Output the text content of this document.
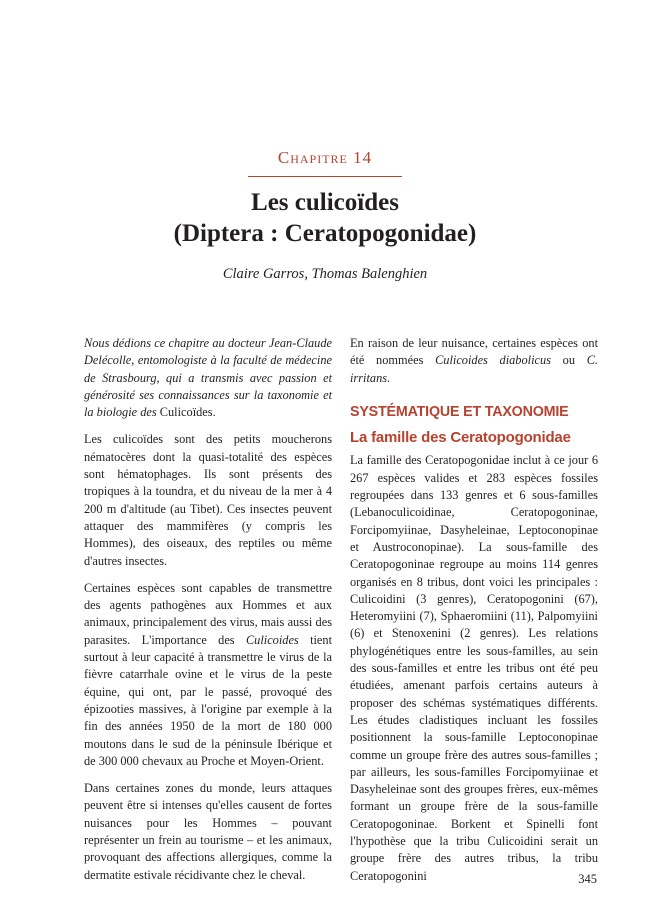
Chapitre 14
Les culicoïdes
(Diptera : Ceratopogonidae)
Claire Garros, Thomas Balenghien

Nous dédions ce chapitre au docteur Jean-Claude Delécolle, entomologiste à la faculté de médecine de Strasbourg, qui a transmis avec passion et générosité ses connaissances sur la taxonomie et la biologie des Culicoïdes.

Les culicoïdes sont des petits moucherons nématocères dont la quasi-totalité des espèces sont hématophages. Ils sont présents des tropiques à la toundra, et du niveau de la mer à 4 200 m d'altitude (au Tibet). Ces insectes peuvent attaquer des mammifères (y compris les Hommes), des oiseaux, des reptiles ou même d'autres insectes.

Certaines espèces sont capables de transmettre des agents pathogènes aux Hommes et aux animaux, principalement des virus, mais aussi des parasites. L'importance des Culicoides tient surtout à leur capacité à transmettre le virus de la fièvre catarrhale ovine et le virus de la peste équine, qui ont, par le passé, provoqué des épizooties massives, à l'origine par exemple à la fin des années 1950 de la mort de 180 000 moutons dans le sud de la péninsule Ibérique et de 300 000 chevaux au Proche et Moyen-Orient.

Dans certaines zones du monde, leurs attaques peuvent être si intenses qu'elles causent de fortes nuisances pour les Hommes – pouvant représenter un frein au tourisme – et les animaux, provoquant des affections allergiques, comme la dermatite estivale récidivante chez le cheval.

En raison de leur nuisance, certaines espèces ont été nommées Culicoides diabolicus ou C. irritans.

SYSTÉMATIQUE ET TAXONOMIE
La famille des Ceratopogonidae

La famille des Ceratopogonidae inclut à ce jour 6 267 espèces valides et 283 espèces fossiles regroupées dans 133 genres et 6 sous-familles (Lebanoculicoidinae, Ceratopogoninae, Forcipomyiinae, Dasyheleinae, Leptoconopinae et Austroconopinae). La sous-famille des Ceratopogoninae regroupe au moins 114 genres organisés en 8 tribus, dont voici les principales : Culicoidini (3 genres), Ceratopogonini (67), Heteromyiini (7), Sphaeromiini (11), Palpomyiini (6) et Stenoxenini (2 genres). Les relations phylogénétiques entre les sous-familles, au sein des sous-familles et entre les tribus ont été peu étudiées, amenant parfois certains auteurs à proposer des schémas systématiques différents. Les études cladistiques incluant les fossiles positionnent la sous-famille Leptoconopinae comme un groupe frère des autres sous-familles ; par ailleurs, les sous-familles Forcipomyiinae et Dasyheleinae sont des groupes frères, eux-mêmes formant un groupe frère de la sous-famille Ceratopogoninae. Borkent et Spinelli font l'hypothèse que la tribu Culicoidini serait un groupe frère des autres tribus, la tribu Ceratopogonini	345
